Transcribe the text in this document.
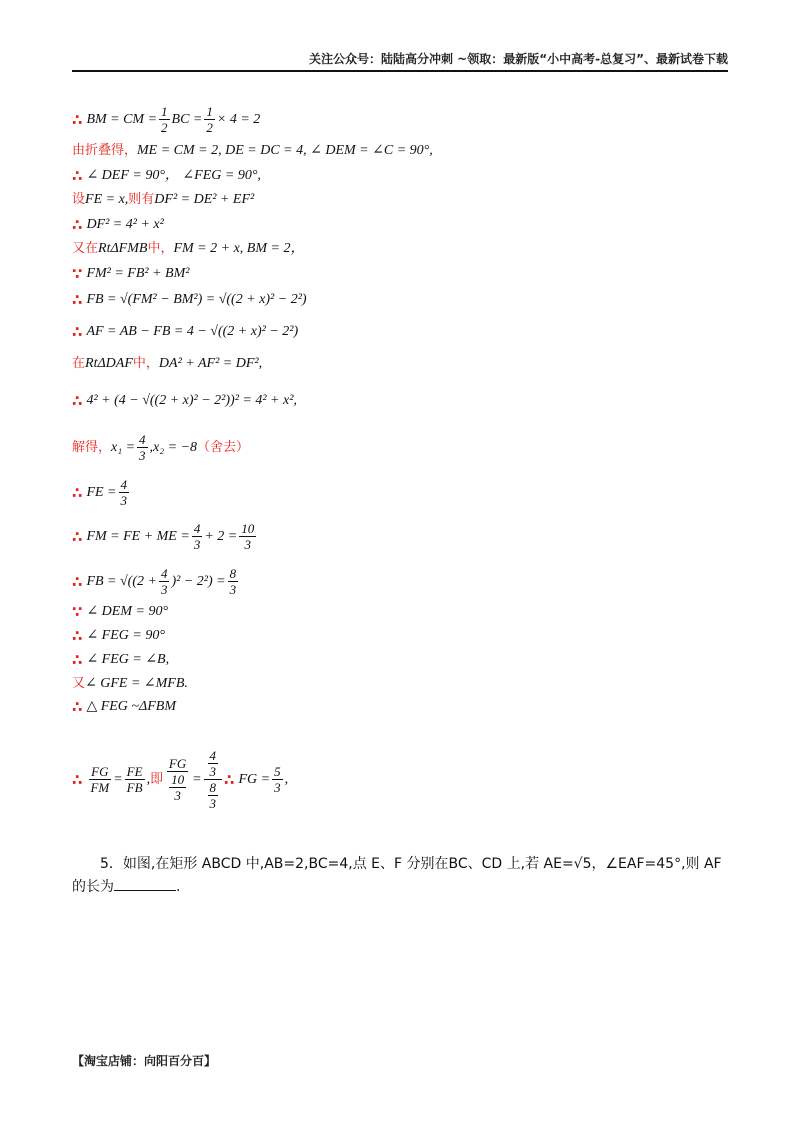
关注公众号：陆陆高分冲刺 ~领取：最新版“小中高考-总复习”、最新试卷下载
∴ BM = CM = $\frac{1}{2}$ BC = $\frac{1}{2} \times 4 = 2$
由折叠得， ME = CM = 2, DE = DC = 4, ∠ DEM = ∠C = 90°,
∴ ∠ DEF = 90°， ∠FEG = 90°,
设 FE = x, 则有 DF² = DE² + EF²
∴ DF² = 4² + x²
又在 RtΔFMB 中， FM = 2 + x, BM = 2，
∵ FM² = FB² + BM²
∴ FB = √(FM² − BM²) = √((2 + x)² − 2²)
∴ AF = AB − FB = 4 − √((2 + x)² − 2²)
在 RtΔDAF 中， DA² + AF² = DF²,
∴ 4² + (4 − √((2 + x)² − 2²))² = 4² + x²,
解得， $x_1 = \frac{4}{3} ,x_2 = -8$ （舍去）
∴ FE = $\frac{4}{3}$
∴ FM = FE + ME = $\frac{4}{3} + 2 = \frac{10}{3}$
∴ FB = $√((2 + \frac{4}{3} )^2 - 2^2) = \frac{8}{3}$
∵ ∠ DEM = 90°
∴ ∠ FEG = 90°
∴ ∠ FEG = ∠B,
又 ∠ GFE = ∠MFB.
∴ △ FEG ~ΔFBM
∴ $\frac{FG}{FM} = \frac{FE}{FB}$ , 即 $\frac{FG}{\frac{10}{3}} = \frac{\frac{4}{3}}{\frac{8}{3}}$ ∴ FG = $\frac{5}{3}$ ,
5．如图,在矩形 ABCD 中,AB=2,BC=4,点 E、F 分别在BC、CD 上,若 AE=√5，∠EAF=45°,则 AF
的长为	.
【淘宝店铺：向阳百分百】
